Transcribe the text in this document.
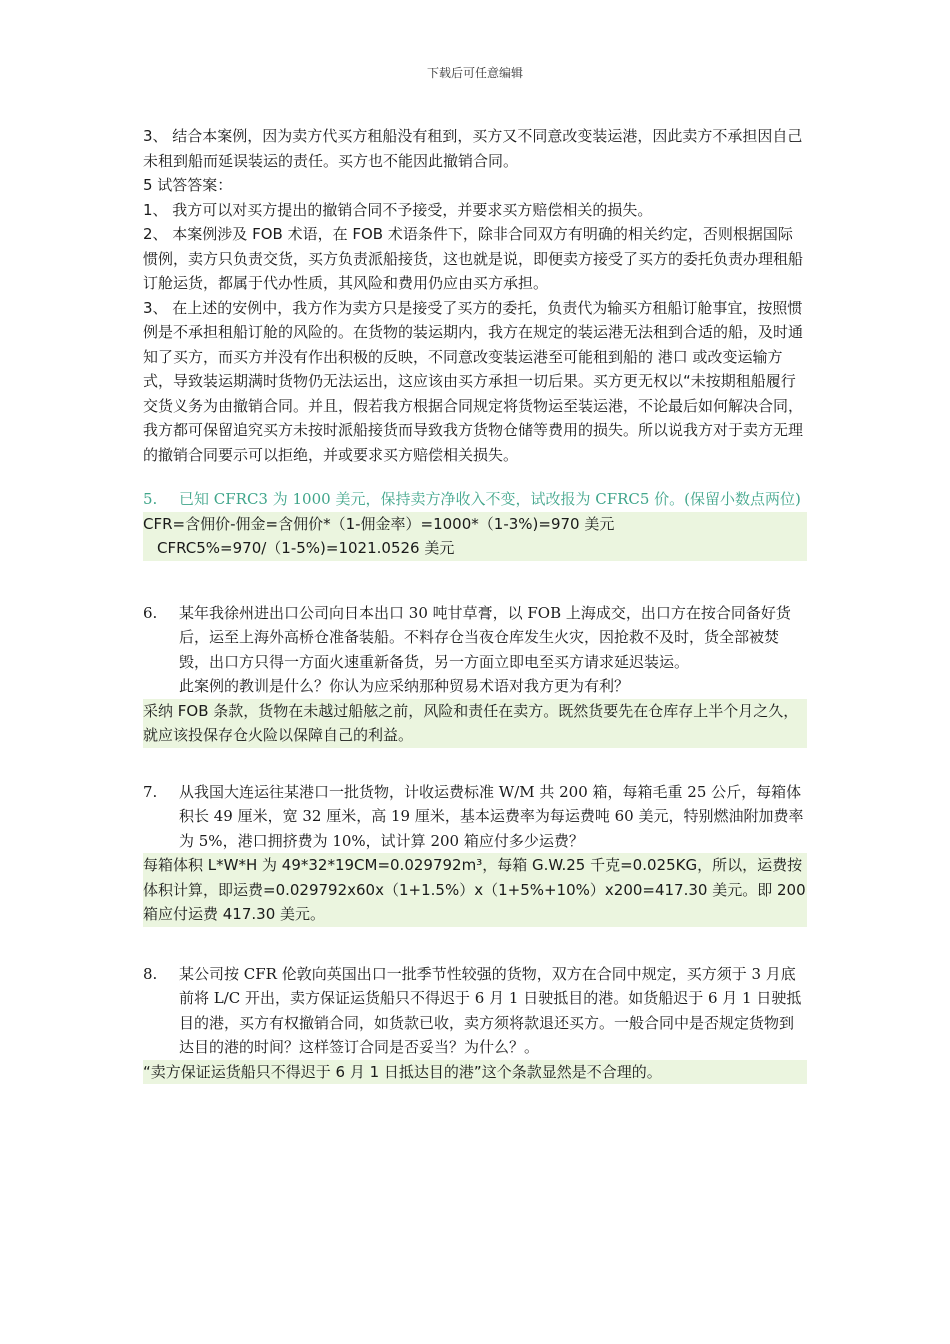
下载后可任意编辑

3、 结合本案例，因为卖方代买方租船没有租到，买方又不同意改变装运港，因此卖方不承担因自己未租到船而延误装运的责任。买方也不能因此撤销合同。

5 试答答案：

1、 我方可以对买方提出的撤销合同不予接受，并要求买方赔偿相关的损失。

2、 本案例涉及 FOB 术语，在 FOB 术语条件下，除非合同双方有明确的相关约定，否则根据国际惯例，卖方只负责交货，买方负责派船接货，这也就是说，即便卖方接受了买方的委托负责办理租船订舱运货，都属于代办性质，其风险和费用仍应由买方承担。

3、 在上述的安例中，我方作为卖方只是接受了买方的委托，负责代为输买方租船订舱事宜，按照惯例是不承担租船订舱的风险的。在货物的装运期内，我方在规定的装运港无法租到合适的船，及时通知了买方，而买方并没有作出积极的反映，不同意改变装运港至可能租到船的 港口 或改变运输方式，导致装运期满时货物仍无法运出，这应该由买方承担一切后果。买方更无权以“未按期租船履行交货义务为由撤销合同。并且，假若我方根据合同规定将货物运至装运港，不论最后如何解决合同，我方都可保留追究买方未按时派船接货而导致我方货物仓储等费用的损失。所以说我方对于卖方无理的撤销合同要示可以拒绝，并或要求买方赔偿相关损失。

5. 已知 CFRC3 为 1000 美元，保持卖方净收入不变，试改报为 CFRC5 价。(保留小数点两位)
CFR=含佣价-佣金=含佣价*（1-佣金率）=1000*（1-3%)=970 美元
CFRC5%=970/（1-5%)=1021.0526 美元
6. 某年我徐州进出口公司向日本出口 30 吨甘草膏，以 FOB 上海成交，出口方在按合同备好货后，运至上海外高桥仓准备装船。不料存仓当夜仓库发生火灾，因抢救不及时，货全部被焚毁，出口方只得一方面火速重新备货，另一方面立即电至买方请求延迟装运。
此案例的教训是什么？你认为应采纳那种贸易术语对我方更为有利？
采纳 FOB 条款，货物在未越过船舷之前，风险和责任在卖方。既然货要先在仓库存上半个月之久，就应该投保存仓火险以保障自己的利益。
7. 从我国大连运往某港口一批货物，计收运费标准 W/M 共 200 箱，每箱毛重 25 公斤，每箱体积长 49 厘米，宽 32 厘米，高 19 厘米，基本运费率为每运费吨 60 美元，特别燃油附加费率为 5%，港口拥挤费为 10%，试计算 200 箱应付多少运费？
每箱体积 L*W*H 为 49*32*19CM=0.029792m³，每箱 G.W.25 千克=0.025KG，所以，运费按体积计算，即运费=0.029792x60x（1+1.5%）x（1+5%+10%）x200=417.30 美元。即 200 箱应付运费 417.30 美元。
8. 某公司按 CFR 伦敦向英国出口一批季节性较强的货物，双方在合同中规定，买方须于 3 月底前将 L/C 开出，卖方保证运货船只不得迟于 6 月 1 日驶抵目的港。如货船迟于 6 月 1 日驶抵目的港，买方有权撤销合同，如货款已收，卖方须将款退还买方。一般合同中是否规定货物到达目的港的时间？这样签订合同是否妥当？为什么？。
“卖方保证运货船只不得迟于 6 月 1 日抵达目的港”这个条款显然是不合理的。
